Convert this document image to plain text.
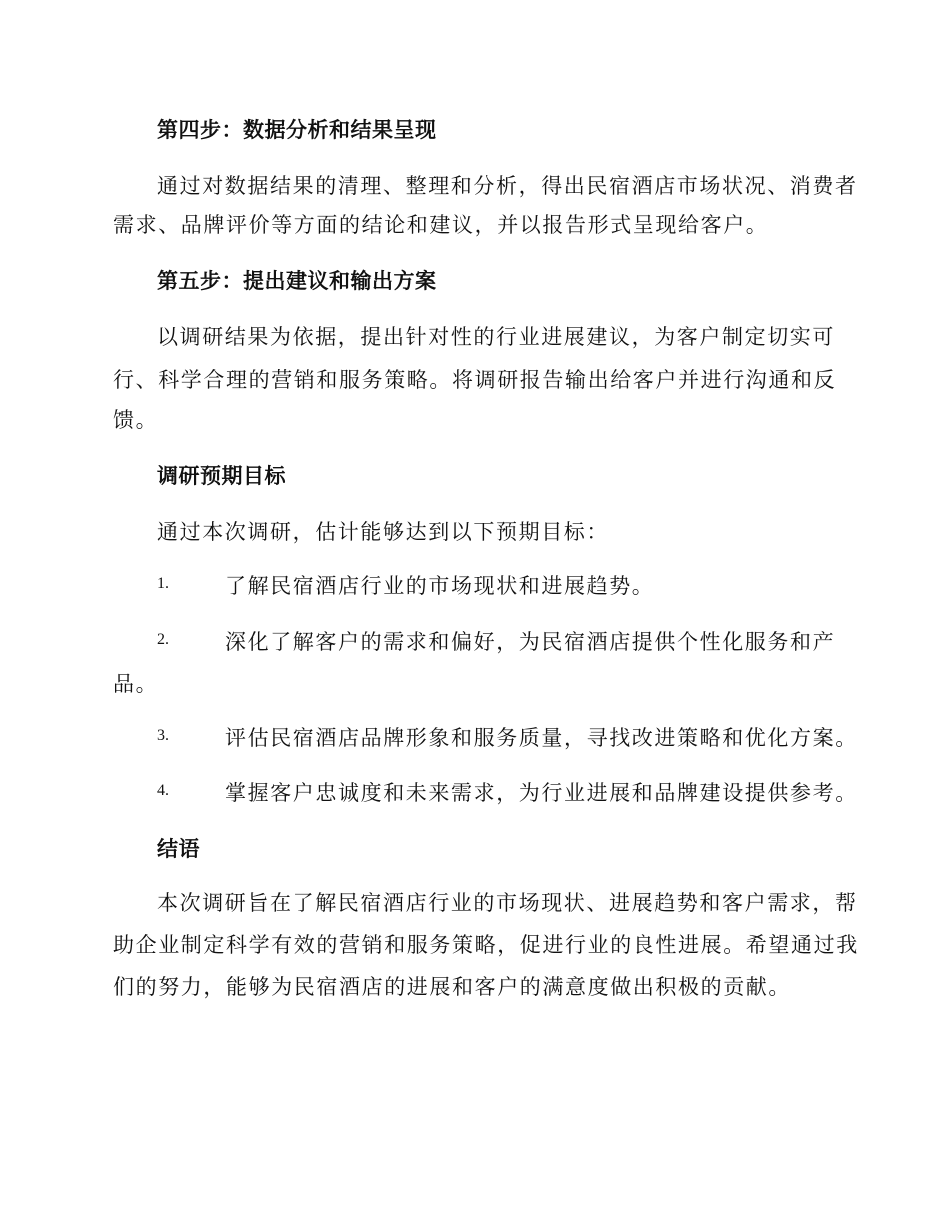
第四步：数据分析和结果呈现
通过对数据结果的清理、整理和分析，得出民宿酒店市场状况、消费者
需求、品牌评价等方面的结论和建议，并以报告形式呈现给客户。
第五步：提出建议和输出方案
以调研结果为依据，提出针对性的行业进展建议，为客户制定切实可
行、科学合理的营销和服务策略。将调研报告输出给客户并进行沟通和反
馈。
调研预期目标
通过本次调研，估计能够达到以下预期目标：
1.	了解民宿酒店行业的市场现状和进展趋势。
2.	深化了解客户的需求和偏好，为民宿酒店提供个性化服务和产
品。
3.	评估民宿酒店品牌形象和服务质量，寻找改进策略和优化方案。
4.	掌握客户忠诚度和未来需求，为行业进展和品牌建设提供参考。
结语
本次调研旨在了解民宿酒店行业的市场现状、进展趋势和客户需求，帮
助企业制定科学有效的营销和服务策略，促进行业的良性进展。希望通过我
们的努力，能够为民宿酒店的进展和客户的满意度做出积极的贡献。
